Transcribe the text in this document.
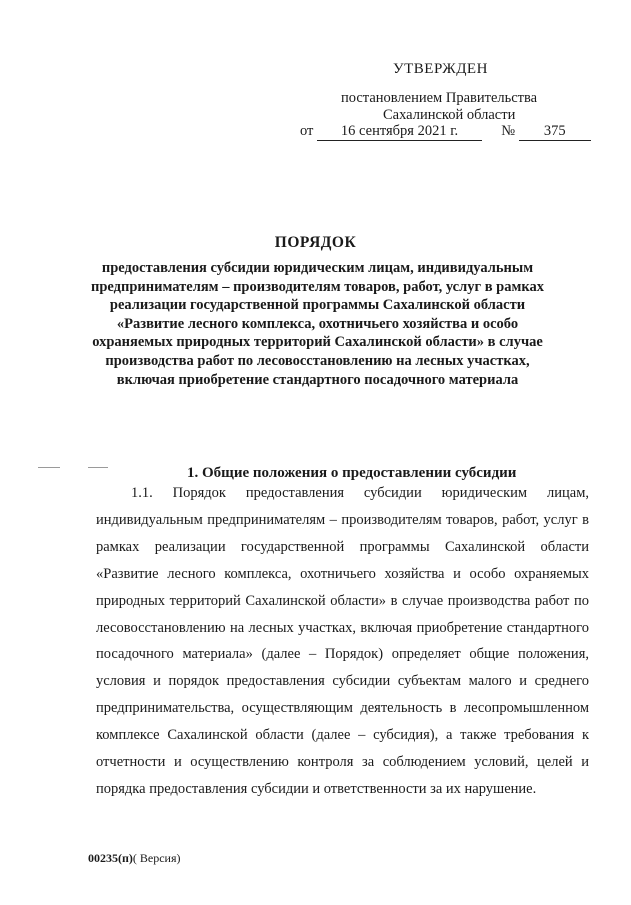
УТВЕРЖДЕН
постановлением Правительства
Сахалинской области
от 16 сентября 2021 г.	№ 375
ПОРЯДОК
предоставления субсидии юридическим лицам, индивидуальным предпринимателям – производителям товаров, работ, услуг в рамках реализации государственной программы Сахалинской области «Развитие лесного комплекса, охотничьего хозяйства и особо охраняемых природных территорий Сахалинской области» в случае производства работ по лесовосстановлению на лесных участках, включая приобретение стандартного посадочного материала
1. Общие положения о предоставлении субсидии

1.1. Порядок предоставления субсидии юридическим лицам, индивидуальным предпринимателям – производителям товаров, работ, услуг в рамках реализации государственной программы Сахалинской области «Развитие лесного комплекса, охотничьего хозяйства и особо охраняемых природных территорий Сахалинской области» в случае производства работ по лесовосстановлению на лесных участках, включая приобретение стандартного посадочного материала» (далее – Порядок) определяет общие положения, условия и порядок предоставления субсидии субъектам малого и среднего предпринимательства, осуществляющим деятельность в лесопромышленном комплексе Сахалинской области (далее – субсидия), а также требования к отчетности и осуществлению контроля за соблюдением условий, целей и порядка предоставления субсидии и ответственности за их нарушение.

00235(п)( Версия)
